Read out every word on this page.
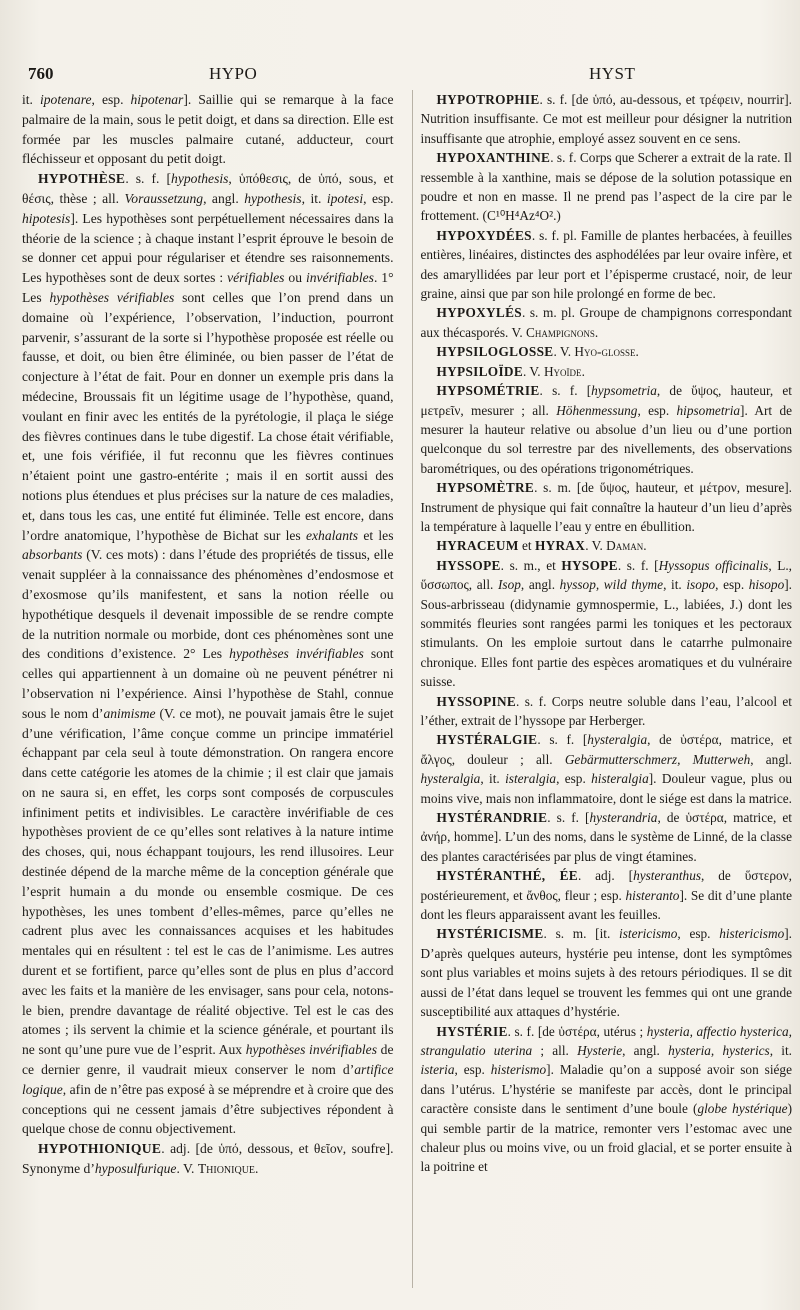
760	HYPO	HYST

it. ipotenare, esp. hipotenar]. Saillie qui se remarque à la face palmaire de la main, sous le petit doigt, et dans sa direction. Elle est formée par les muscles palmaire cutané, adducteur, court fléchisseur et opposant du petit doigt.

HYPOTHÈSE. s. f. [hypothesis, ὑπόθεσις, de ὑπό, sous, et θέσις, thèse ; all. Voraussetzung, angl. hypothesis, it. ipotesi, esp. hipotesis]. Les hypothèses sont perpétuellement nécessaires dans la théorie de la science ; à chaque instant l’esprit éprouve le besoin de se donner cet appui pour régulariser et étendre ses raisonnements. Les hypothèses sont de deux sortes : vérifiables ou invérifiables. 1° Les hypothèses vérifiables sont celles que l’on prend dans un domaine où l’expérience, l’observation, l’induction, pourront parvenir, s’assurant de la sorte si l’hypothèse proposée est réelle ou fausse, et doit, ou bien être éliminée, ou bien passer de l’état de conjecture à l’état de fait. Pour en donner un exemple pris dans la médecine, Broussais fit un légitime usage de l’hypothèse, quand, voulant en finir avec les entités de la pyrétologie, il plaça le siége des fièvres continues dans le tube digestif. La chose était vérifiable, et, une fois vérifiée, il fut reconnu que les fièvres continues n’étaient point une gastro-entérite ; mais il en sortit aussi des notions plus étendues et plus précises sur la nature de ces maladies, et, dans tous les cas, une entité fut éliminée. Telle est encore, dans l’ordre anatomique, l’hypothèse de Bichat sur les exhalants et les absorbants (V. ces mots) : dans l’étude des propriétés de tissus, elle venait suppléer à la connaissance des phénomènes d’endosmose et d’exosmose qu’ils manifestent, et sans la notion réelle ou hypothétique desquels il devenait impossible de se rendre compte de la nutrition normale ou morbide, dont ces phénomènes sont une des conditions d’existence. 2° Les hypothèses invérifiables sont celles qui appartiennent à un domaine où ne peuvent pénétrer ni l’observation ni l’expérience. Ainsi l’hypothèse de Stahl, connue sous le nom d’animisme (V. ce mot), ne pouvait jamais être le sujet d’une vérification, l’âme conçue comme un principe immatériel échappant par cela seul à toute démonstration. On rangera encore dans cette catégorie les atomes de la chimie ; il est clair que jamais on ne saura si, en effet, les corps sont composés de corpuscules infiniment petits et indivisibles. Le caractère invérifiable de ces hypothèses provient de ce qu’elles sont relatives à la nature intime des choses, qui, nous échappant toujours, les rend illusoires. Leur destinée dépend de la marche même de la conception générale que l’esprit humain a du monde ou ensemble cosmique. De ces hypothèses, les unes tombent d’elles-mêmes, parce qu’elles ne cadrent plus avec les connaissances acquises et les habitudes mentales qui en résultent : tel est le cas de l’animisme. Les autres durent et se fortifient, parce qu’elles sont de plus en plus d’accord avec les faits et la manière de les envisager, sans pour cela, notons-le bien, prendre davantage de réalité objective. Tel est le cas des atomes ; ils servent la chimie et la science générale, et pourtant ils ne sont qu’une pure vue de l’esprit. Aux hypothèses invérifiables de ce dernier genre, il vaudrait mieux conserver le nom d’artifice logique, afin de n’être pas exposé à se méprendre et à croire que des conceptions qui ne cessent jamais d’être subjectives répondent à quelque chose de connu objectivement.

HYPOTHIONIQUE. adj. [de ὑπό, dessous, et θεῖον, soufre]. Synonyme d’hyposulfurique. V. Thionique.

HYPOTROPHIE. s. f. [de ὑπό, au-dessous, et τρέφειν, nourrir]. Nutrition insuffisante. Ce mot est meilleur pour désigner la nutrition insuffisante que atrophie, employé assez souvent en ce sens.

HYPOXANTHINE. s. f. Corps que Scherer a extrait de la rate. Il ressemble à la xanthine, mais se dépose de la solution potassique en poudre et non en masse. Il ne prend pas l’aspect de la cire par le frottement. (C¹⁰H⁴Az⁴O².)

HYPOXYDÉES. s. f. pl. Famille de plantes herbacées, à feuilles entières, linéaires, distinctes des asphodélées par leur ovaire infère, et des amaryllidées par leur port et l’épisperme crustacé, noir, de leur graine, ainsi que par son hile prolongé en forme de bec.

HYPOXYLÉS. s. m. pl. Groupe de champignons correspondant aux thécasporés. V. Champignons.

HYPSILOGLOSSE. V. Hyo-glosse.

HYPSILOÏDE. V. Hyoïde.

HYPSOMÉTRIE. s. f. [hypsometria, de ὕψος, hauteur, et μετρεῖν, mesurer ; all. Höhenmessung, esp. hipsometria]. Art de mesurer la hauteur relative ou absolue d’un lieu ou d’une portion quelconque du sol terrestre par des nivellements, des observations barométriques, ou des opérations trigonométriques.

HYPSOMÈTRE. s. m. [de ὕψος, hauteur, et μέτρον, mesure]. Instrument de physique qui fait connaître la hauteur d’un lieu d’après la température à laquelle l’eau y entre en ébullition.

HYRACEUM et HYRAX. V. Daman.

HYSSOPE. s. m., et HYSOPE. s. f. [Hyssopus officinalis, L., ὕσσωπος, all. Isop, angl. hyssop, wild thyme, it. isopo, esp. hisopo]. Sous-arbrisseau (didynamie gymnospermie, L., labiées, J.) dont les sommités fleuries sont rangées parmi les toniques et les pectoraux stimulants. On les emploie surtout dans le catarrhe pulmonaire chronique. Elles font partie des espèces aromatiques et du vulnéraire suisse.

HYSSOPINE. s. f. Corps neutre soluble dans l’eau, l’alcool et l’éther, extrait de l’hyssope par Herberger.

HYSTÉRALGIE. s. f. [hysteralgia, de ὑστέρα, matrice, et ἄλγος, douleur ; all. Gebärmutterschmerz, Mutterweh, angl. hysteralgia, it. isteralgia, esp. histeralgia]. Douleur vague, plus ou moins vive, mais non inflammatoire, dont le siége est dans la matrice.

HYSTÉRANDRIE. s. f. [hysterandria, de ὑστέρα, matrice, et ἀνήρ, homme]. L’un des noms, dans le système de Linné, de la classe des plantes caractérisées par plus de vingt étamines.

HYSTÉRANTHÉ, ÉE. adj. [hysteranthus, de ὕστερον, postérieurement, et ἄνθος, fleur ; esp. histeranto]. Se dit d’une plante dont les fleurs apparaissent avant les feuilles.

HYSTÉRICISME. s. m. [it. istericismo, esp. histericismo]. D’après quelques auteurs, hystérie peu intense, dont les symptômes sont plus variables et moins sujets à des retours périodiques. Il se dit aussi de l’état dans lequel se trouvent les femmes qui ont une grande susceptibilité aux attaques d’hystérie.

HYSTÉRIE. s. f. [de ὑστέρα, utérus ; hysteria, affectio hysterica, strangulatio uterina ; all. Hysterie, angl. hysteria, hysterics, it. isteria, esp. histerismo]. Maladie qu’on a supposé avoir son siége dans l’utérus. L’hystérie se manifeste par accès, dont le principal caractère consiste dans le sentiment d’une boule (globe hystérique) qui semble partir de la matrice, remonter vers l’estomac avec une chaleur plus ou moins vive, ou un froid glacial, et se porter ensuite à la poitrine et
